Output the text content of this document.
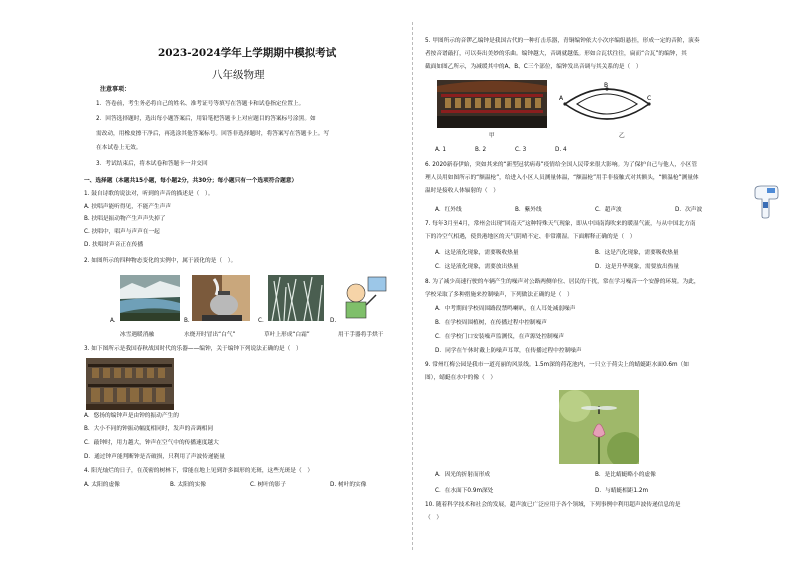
2023-2024学年上学期期中模拟考试
八年级物理
注意事项：
1．答卷前，考生务必将自己的姓名、准考证号等填写在答题卡和试卷指定位置上。
2．回答选择题时，选出每小题答案后，用铅笔把答题卡上对应题目的答案标号涂黑。如
需改动，用橡皮擦干净后，再选涂其他答案标号。回答非选择题时，将答案写在答题卡上。写
在本试卷上无效。
3．考试结束后，将本试卷和答题卡一并交回
一、选择题（本题共15小题，每小题2分，共30分；每小题只有一个选项符合题意）
1. 鼓自诗歌的说法对，听到的声音的描述是（　）。
A. 扶唱声能听得见，不能产生声声
B. 扶唱是振动物产生声声失掉了
C. 扶唱中，唱声与声声在一起
D. 扶唱时声音正在传播
2. 如图所示的四种物态变化的实例中，属于液化的是（　）。
A.	B.	C.	D.
冰雪遇暖消融	水烧开时冒出“白气”	草叶上形成“白霜”	用干手器将手烘干
3. 如下图所示是我国春秋战国时代的乐器——编钟，关于编钟下列说法正确的是（　）
A．悠扬的编钟声是由钟的振动产生的
B．大小不同的钟振动幅度相同时，发声的音调相同
C．敲钟时，用力越大，钟声在空气中的传播速度越大
D．通过钟声能判断钟是否破损，只利用了声波传递能量
4. 阳光灿烂的日子，在茂密的树林下，常能在地上见到许多圆形的光斑，这些光斑是（　）
A. 太阳的虚像	B. 太阳的实像	C. 树叶的影子	D. 树叶的实像
5. 甲图所示的音锣乙编钟是我国古代的一种打击乐器，青铜编钟依大小次序编组悬挂，形成一定的音阶，演奏
者按音谱敲打，可以奏出美妙的乐曲。编钟越大，音调就越低。形如合瓦状往往，扁而“合瓦”的编钟，其
截面如图乙所示，为减缓其中的A、B、C三个部位，编钟发出音调与其关系的是（　）
甲
A
B
C
乙
A. 1	B. 2	C. 3	D. 4
6. 2020新春伊始，突如其来的“新型冠状病毒”疫情给全国人民带来很大影响。为了保护自己与他人，小区管
理人员用如图所示的“额温枪”，给进入小区人员测量体温，“额温枪”用手非接触式对其额头，“额温枪”测量体
温时是接收人体辐射的（　）
A．红外线	B．紫外线	C．超声波	D．次声波
7. 每年3月至4月，常州会出现“回南天”这种特殊天气现象，即从中国南海吹来的暖湿气流，与从中国北方南
下的冷空气相遇，使贵港地区的天气阴晴不定、非常潮湿。下面解释正确的是（　）
A．这是液化现象，需要吸收热量	B．这是汽化现象，需要吸收热量
C．这是液化现象，需要放出热量	D．这是升华现象，需要放出热量
8. 为了减少高速行驶的车辆产生的噪声对公路两侧单位、居民的干扰，常在学习噪音一个安静的环境。为此，
学校采取了多种措施来控制噪声，下列做法正确的是（　）
A．中考期间学校周围路段禁鸣喇叭，在人耳处减弱噪声
B．在学校周围植树，在传播过程中控制噪声
C．在学校门口安装噪声监测仪，在声源处控制噪声
D．同学在午休时戴上防噪声耳罩，在传播过程中控制噪声
9. 常州红梅公园是我市一道亮丽的风景线。1.5m深的荷花池内，一只立于荷尖上的蜻蜓距水面0.6m（如
图），蜻蜓在水中的像（　）
A．因光的折射而形成	B．是比蜻蜓略小的虚像
C．在水面下0.9m深处	D．与蜻蜓相距1.2m
10. 随着科学技术和社会的发展，超声波已广泛应用于各个领域，下列事例中利用超声波传递信息的是
（　）
